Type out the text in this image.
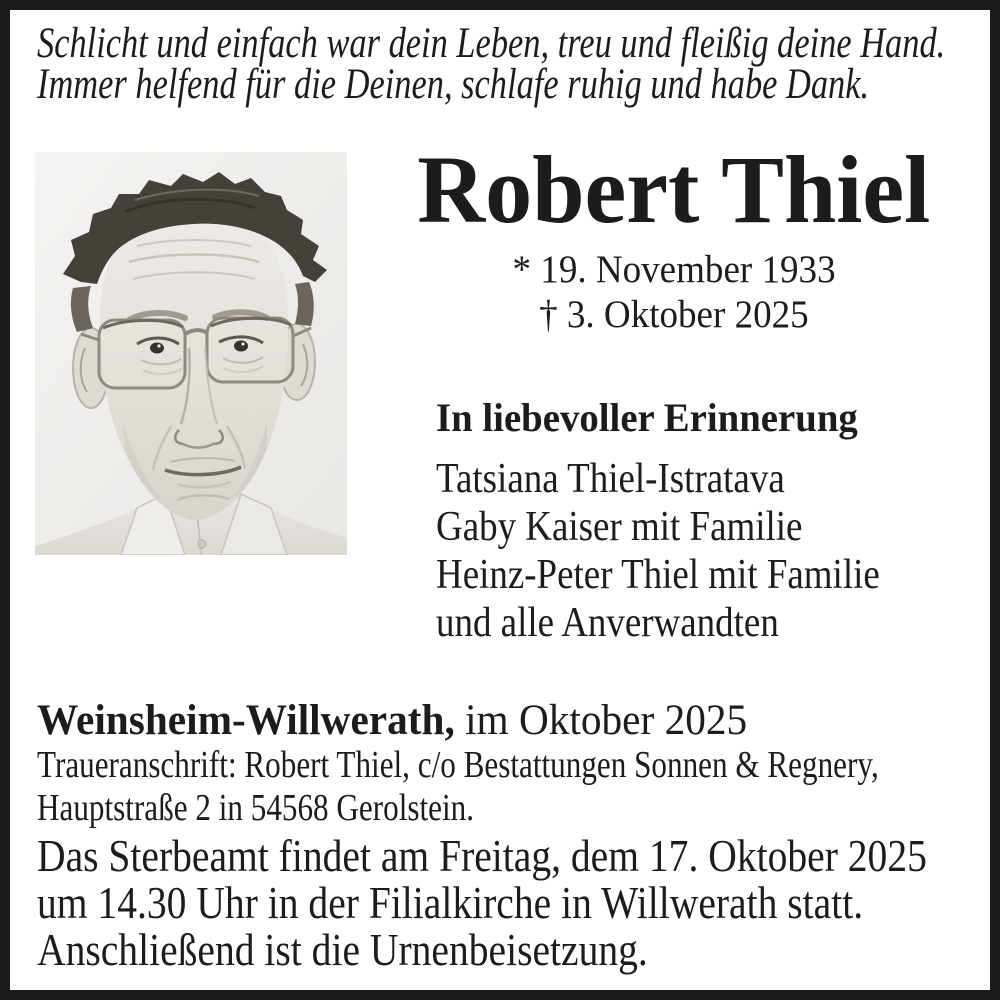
Schlicht und einfach war dein Leben, treu und fleißig deine Hand.
Immer helfend für die Deinen, schlafe ruhig und habe Dank.
Robert Thiel
* 19. November 1933
† 3. Oktober 2025
In liebevoller Erinnerung
Tatsiana Thiel-Istratava
Gaby Kaiser mit Familie
Heinz-Peter Thiel mit Familie
und alle Anverwandten
Weinsheim-Willwerath, im Oktober 2025
Traueranschrift: Robert Thiel, c/o Bestattungen Sonnen & Regnery,
Hauptstraße 2 in 54568 Gerolstein.
Das Sterbeamt findet am Freitag, dem 17. Oktober 2025
um 14.30 Uhr in der Filialkirche in Willwerath statt.
Anschließend ist die Urnenbeisetzung.
